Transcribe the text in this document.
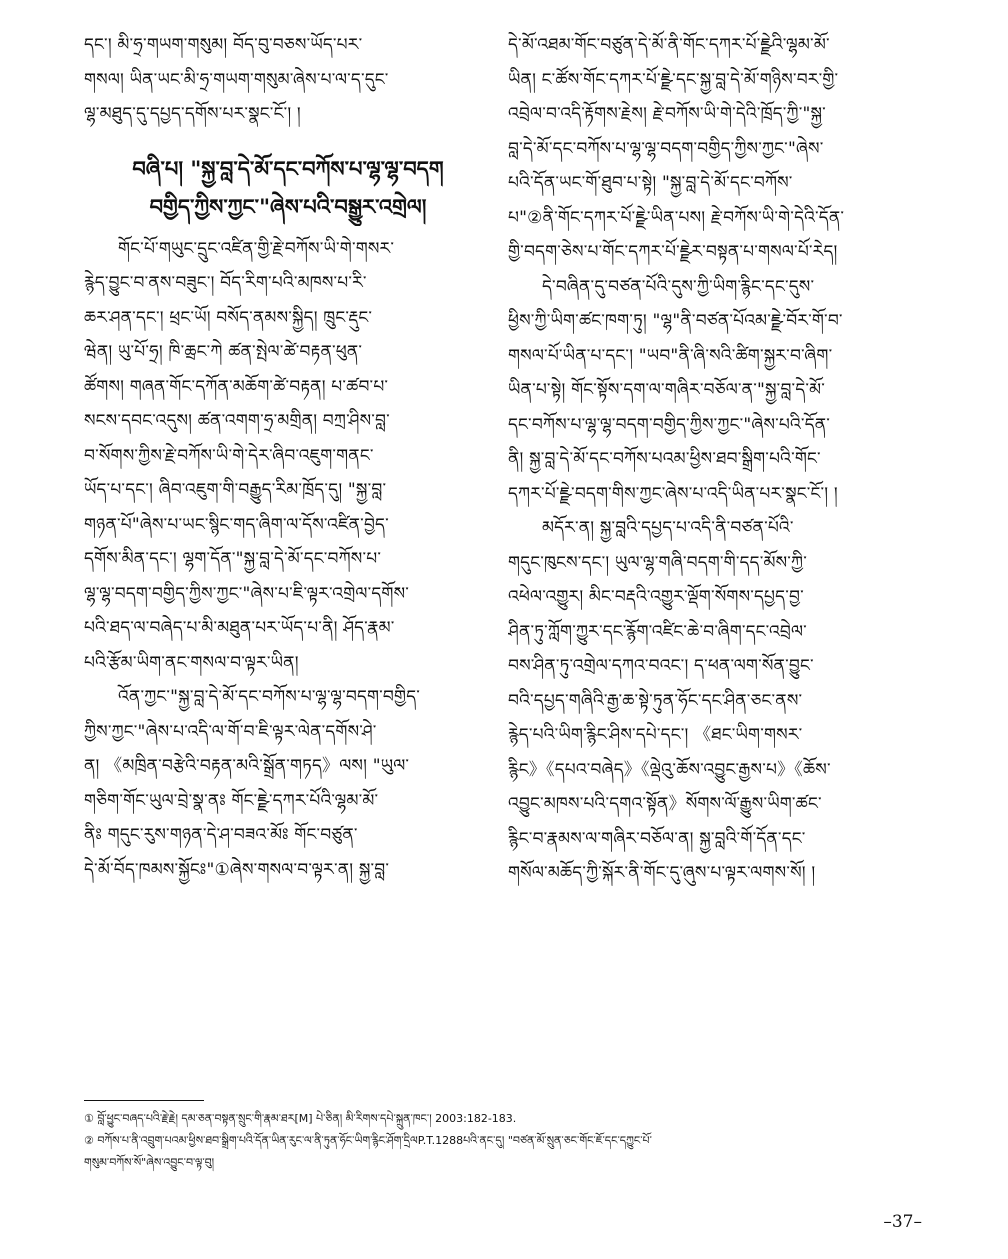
དང་། མི་ཧྲ་གཡག་གསུམ། བོད་བུ་བཅས་ཡོད་པར་
གསལ། ཡིན་ཡང་མི་ཧྲ་གཡག་གསུམ་ཞེས་པ་ལ་ད་དུང་
ལྷ་མཐུད་དུ་དཔྱད་དགོས་པར་སྣང་ངོ་། །
བཞི་པ། "སྐྱ་བླ་དེ་མོ་དང་བཀོས་པ་ལྷ་ལྷ་བདག
བགྱིད་ཀྱིས་ཀྱང་"ཞེས་པའི་བསྒྱུར་འགྲེལ།
གོང་པོ་གཡུང་དྲུང་འཛིན་གྱི་རྗེ་བཀོས་ཡི་གེ་གསར་
རྙེད་བྱུང་བ་ནས་བཟུང་། བོད་རིག་པའི་མཁས་པ་རི་
ཆར་ཤན་དང་། ཕྲང་ཡོ། བསོད་ནམས་སྐྱིད། ཁྲུང་རྡུང་
ཝེན། ཡུ་པོ་ཧྲ། ཁི་ཆྲང་ཀེ ཚན་སྤེལ་ཚེ་བརྟན་ཕུན་
ཚོགས། གཞན་གོང་དཀོན་མཆོག་ཚེ་བརྟན། པ་ཚབ་པ་
སངས་དབང་འདུས། ཚན་འགག་ཧྲ་མགྲིན། བཀྲ་ཤིས་བླ་
བ་སོགས་ཀྱིས་རྗེ་བཀོས་ཡི་གེ་དེར་ཞིབ་འཇུག་གནང་
ཡོད་པ་དང་། ཞིབ་འཇུག་གི་བརྒྱུད་རིམ་ཁྲོད་དུ། "སྐྱ་བླ་
གཉན་པོ"ཞེས་པ་ཡང་སྙིང་གད་ཞིག་ལ་དོས་འཛིན་བྱེད་
དགོས་མིན་དང་། ལྷག་དོན་"སྐྱ་བླ་དེ་མོ་དང་བཀོས་པ་
ལྷ་ལྷ་བདག་བགྱིད་ཀྱིས་ཀྱང་"ཞེས་པ་ཇི་ལྟར་འགྲེལ་དགོས་
པའི་ཐད་ལ་བཞེད་པ་མི་མཐུན་པར་ཡོད་པ་ནི། ཤོད་རྣམ་
པའི་རྩོམ་ཡིག་ནང་གསལ་བ་ལྟར་ཡིན།
འོན་ཀྱང་"སྐྱ་བླ་དེ་མོ་དང་བཀོས་པ་ལྷ་ལྷ་བདག་བགྱིད་
ཀྱིས་ཀྱང་"ཞེས་པ་འདི་ལ་གོ་བ་ཇི་ལྟར་ལེན་དགོས་ཤེ་
ན། 《མཁྲིན་བརྩེའི་བརྟན་མའི་སྒྲོན་གཏད》ལས། "ཡུལ་
གཅིག་གོང་ཡུལ་བྲེ་སྣ་ནཿ གོང་ཇྫེ་དཀར་པོའི་ལྷམ་མོ་
ནིཿ གདུང་རུས་གཉན་དེ་ཤ་བཟའ་མོཿ གོང་བཙུན་
དེ་མོ་བོད་ཁམས་སྐྱོངཿ"①ཞེས་གསལ་བ་ལྟར་ན། སྐྱ་བླ་
དེ་མོ་འཐམ་གོང་བཙུན་དེ་མོ་ནི་གོང་དཀར་པོ་ཇྫེའི་ལྷམ་མོ་
ཡིན། ང་ཚོས་གོང་དཀར་པོ་ཇྫེ་དང་སྐྱ་བླ་དེ་མོ་གཉིས་བར་གྱི་
འབྲེལ་བ་འདི་རྟོགས་རྗེས། རྗེ་བཀོས་ཡི་གེ་དེའི་ཁྲོད་ཀྱི་"སྐྱ་
བླ་དེ་མོ་དང་བཀོས་པ་ལྷ་ལྷ་བདག་བགྱིད་ཀྱིས་ཀྱང་"ཞེས་
པའི་དོན་ཡང་གོ་ཐུབ་པ་སྟེ། "སྐྱ་བླ་དེ་མོ་དང་བཀོས་
པ"②ནི་གོང་དཀར་པོ་ཇྫེ་ཡིན་པས། རྗེ་བཀོས་ཡི་གེ་དེའི་དོན་
གྱི་བདག་ཅེས་པ་གོང་དཀར་པོ་ཇྫེར་བསྟན་པ་གསལ་པོ་རེད།
དེ་བཞིན་དུ་བཙན་པོའི་དུས་ཀྱི་ཡིག་རྙིང་དང་དུས་
ཕྱིས་ཀྱི་ཡིག་ཚང་ཁག་ཏུ། "ལྷ"ནི་བཙན་པོའམ་ཇྫེ་བོར་གོ་བ་
གསལ་པོ་ཡིན་པ་དང་། "ཡབ"ནི་ཞི་སའི་ཚིག་སྐྱར་བ་ཞིག་
ཡིན་པ་སྟེ། གོང་སྟོས་དག་ལ་གཞིར་བཅོལ་ན་"སྐྱ་བླ་དེ་མོ་
དང་བཀོས་པ་ལྷ་ལྷ་བདག་བགྱིད་ཀྱིས་ཀྱང་"ཞེས་པའི་དོན་
ནི། སྐྱ་བླ་དེ་མོ་དང་བཀོས་པའམ་ཕྱིས་ཐབ་སྒྲིག་པའི་གོང་
དཀར་པོ་ཇྫེ་བདག་གིས་ཀྱང་ཞེས་པ་འདི་ཡིན་པར་སྣང་ངོ་། །
མདོར་ན། སྐྱ་བླའི་དཔྱད་པ་འདི་ནི་བཙན་པོའི་
གདུང་ཁུངས་དང་། ཡུལ་ལྷ་གཞི་བདག་གི་དད་མོས་ཀྱི་
འཕེལ་འགྱུར། མིང་བརྡའི་འགྱུར་ལྡོག་སོགས་དཔྱད་བྱ་
ཤིན་ཏུ་ཀློག་ཀྱུར་དང་རྙོག་འཛིང་ཆེ་བ་ཞིག་དང་འབྲེལ་
བས་ཤིན་ཏུ་འགྲེལ་དཀའ་བའང་། ད་ཕན་ལག་སོན་བྱུང་
བའི་དཔྱད་གཞིའི་རྒྱ་ཆ་སྟེ་ཏུན་ཧོང་དང་ཤིན་ཅང་ནས་
རྙེད་པའི་ཡིག་རྙིང་ཤིས་དཔེ་དང་། 《ཐང་ཡིག་གསར་
རྙིང》《དཔའ་བཞེད》《ལྡེའུ་ཆོས་འབྱུང་རྒྱས་པ》《ཆོས་
འབྱུང་མཁས་པའི་དགའ་སྟོན》སོགས་ལོ་རྒྱུས་ཡིག་ཚང་
རྙིང་བ་རྣམས་ལ་གཞིར་བཅོལ་ན། སྐྱ་བླའི་གོ་དོན་དང་
གསོལ་མཆོད་ཀྱི་སྐོར་ནི་གོང་དུ་ཞུས་པ་ལྟར་ལགས་སོ། །
① བློ་ཕྱུང་བཞད་པའི་རྗེ་རྗེ། དམ་ཅན་བསྟན་སྲུང་གི་རྣམ་ཐར[M] པེ་ཅིན། མི་རིགས་དཔེ་སྐྲུན་ཁང་། 2003:182-183.
② བཀོས་པ་ནི་འབྲུག་པའམ་ཕྱིས་ཐབ་སྒྲིག་པའི་དོན་ཡིན་རུང་ལ་ནི་ཏུན་ཧོང་ཡིག་རྙིང་ཤོག་དྲིལP.T.1288པའི་ནང་དུ། "བཙན་མོ་སྲུན་ཅང་གོང་ཇོ་དང་དཀྱུང་པོ་
གསུམ་བཀོས་སོ"ཞེས་འབྱུང་བ་ལྟ་བུ།
–37–
